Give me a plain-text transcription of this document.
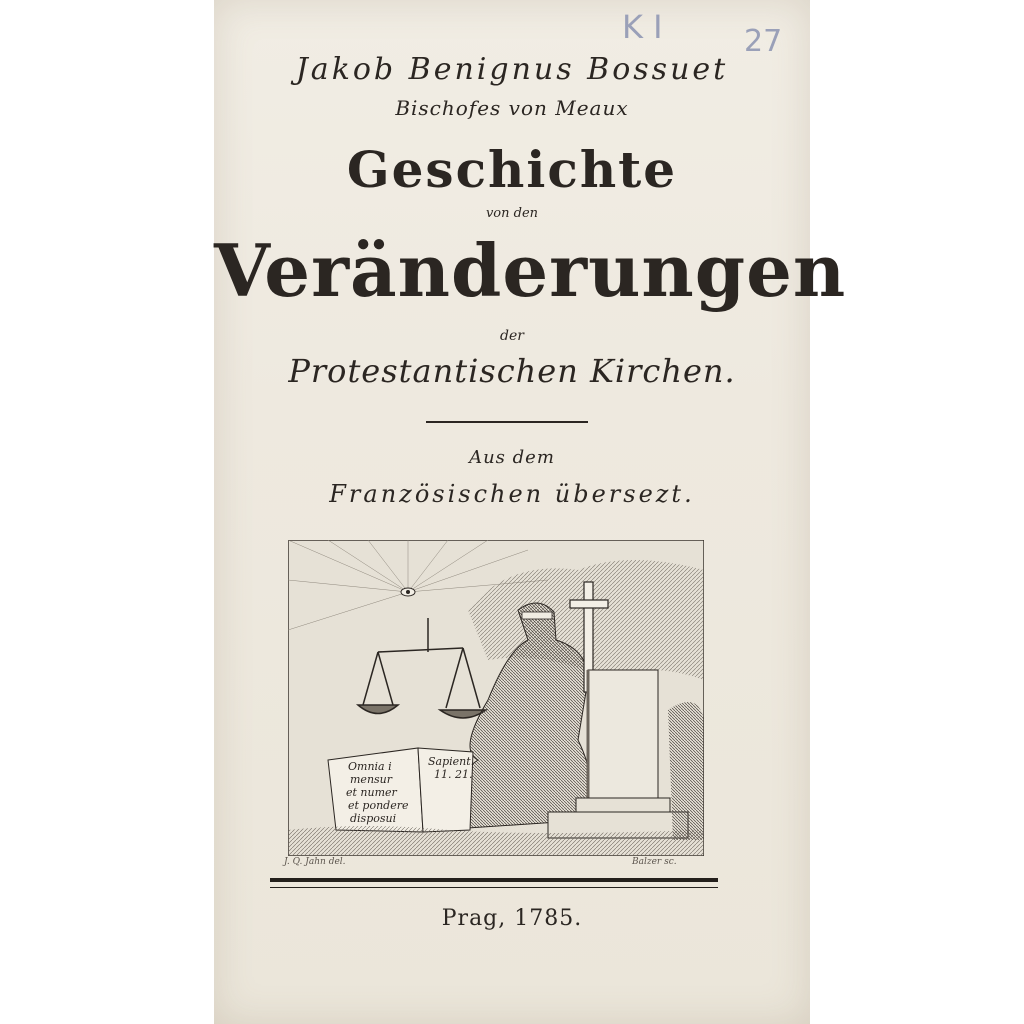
K I	27
Jakob Benignus Bossuet
Bischofes von Meaux
Geschichte
von den
Veränderungen
der
Protestantischen Kirchen.
Aus dem
Französischen übersezt.
Omnia i
mensur
et numer
et pondere
disposui
Sapient.
11. 21.
J. Q. Jahn del.	Balzer sc.
Prag, 1785.
